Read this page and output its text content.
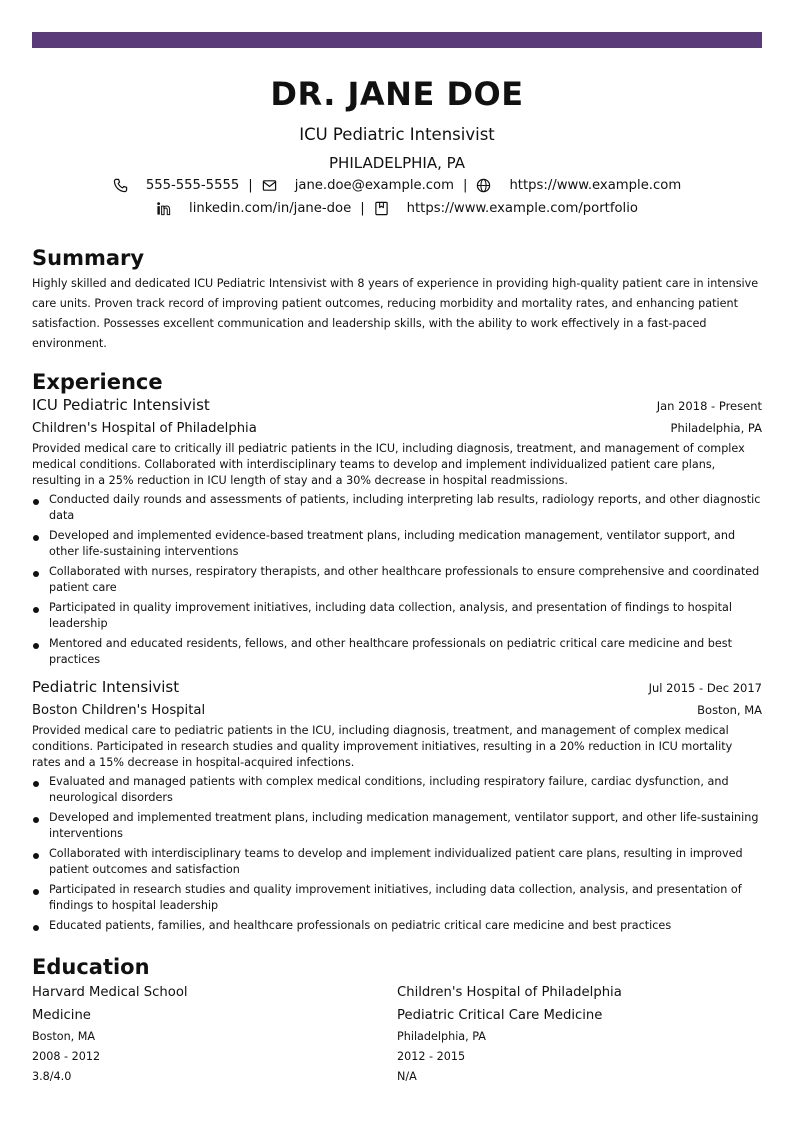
DR. JANE DOE
ICU Pediatric Intensivist
PHILADELPHIA, PA
555-555-5555 |	jane.doe@example.com |	https://www.example.com
linkedin.com/in/jane-doe |	https://www.example.com/portfolio
Summary

Highly skilled and dedicated ICU Pediatric Intensivist with 8 years of experience in providing high-quality patient care in intensive care units. Proven track record of improving patient outcomes, reducing morbidity and mortality rates, and enhancing patient satisfaction. Possesses excellent communication and leadership skills, with the ability to work effectively in a fast-paced environment.

Experience
ICU Pediatric Intensivist	Jan 2018 - Present
Children's Hospital of Philadelphia	Philadelphia, PA
Provided medical care to critically ill pediatric patients in the ICU, including diagnosis, treatment, and management of complex medical conditions. Collaborated with interdisciplinary teams to develop and implement individualized patient care plans, resulting in a 25% reduction in ICU length of stay and a 30% decrease in hospital readmissions.
Conducted daily rounds and assessments of patients, including interpreting lab results, radiology reports, and other diagnostic data
Developed and implemented evidence-based treatment plans, including medication management, ventilator support, and other life-sustaining interventions
Collaborated with nurses, respiratory therapists, and other healthcare professionals to ensure comprehensive and coordinated patient care
Participated in quality improvement initiatives, including data collection, analysis, and presentation of findings to hospital leadership
Mentored and educated residents, fellows, and other healthcare professionals on pediatric critical care medicine and best practices
Pediatric Intensivist	Jul 2015 - Dec 2017
Boston Children's Hospital	Boston, MA
Provided medical care to pediatric patients in the ICU, including diagnosis, treatment, and management of complex medical conditions. Participated in research studies and quality improvement initiatives, resulting in a 20% reduction in ICU mortality rates and a 15% decrease in hospital-acquired infections.
Evaluated and managed patients with complex medical conditions, including respiratory failure, cardiac dysfunction, and neurological disorders
Developed and implemented treatment plans, including medication management, ventilator support, and other life-sustaining interventions
Collaborated with interdisciplinary teams to develop and implement individualized patient care plans, resulting in improved patient outcomes and satisfaction
Participated in research studies and quality improvement initiatives, including data collection, analysis, and presentation of findings to hospital leadership
Educated patients, families, and healthcare professionals on pediatric critical care medicine and best practices
Education
Harvard Medical School
Medicine
Boston, MA
2008 - 2012
3.8/4.0
Children's Hospital of Philadelphia
Pediatric Critical Care Medicine
Philadelphia, PA
2012 - 2015
N/A
